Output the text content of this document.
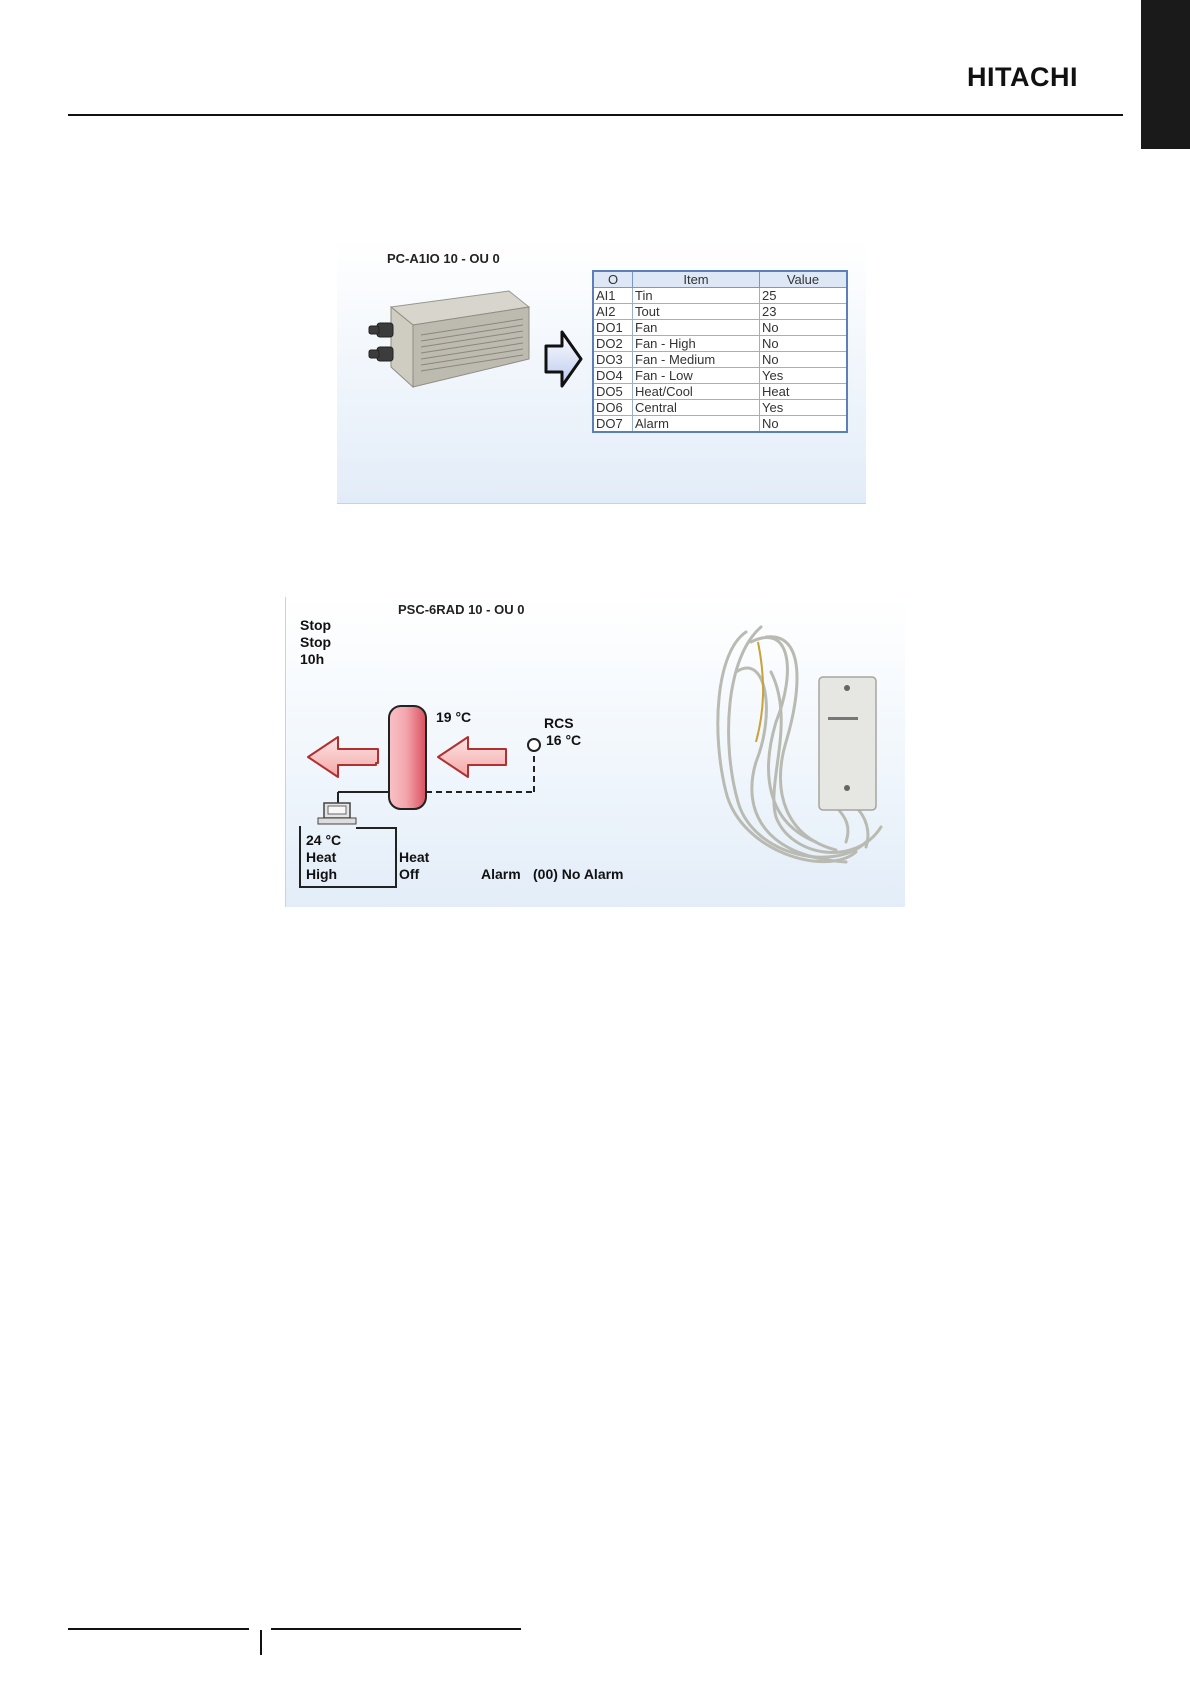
HITACHI
PC-A1IO 10 - OU 0
O	Item	Value
AI1	Tin	25
AI2	Tout	23
DO1	Fan	No
DO2	Fan - High	No
DO3	Fan - Medium	No
DO4	Fan - Low	Yes
DO5	Heat/Cool	Heat
DO6	Central	Yes
DO7	Alarm	No
PSC-6RAD 10 - OU 0
Stop
Stop
10h
19 °C	RCS
16 °C
24 °C
Heat
High
Heat
Off	Alarm (00) No Alarm
